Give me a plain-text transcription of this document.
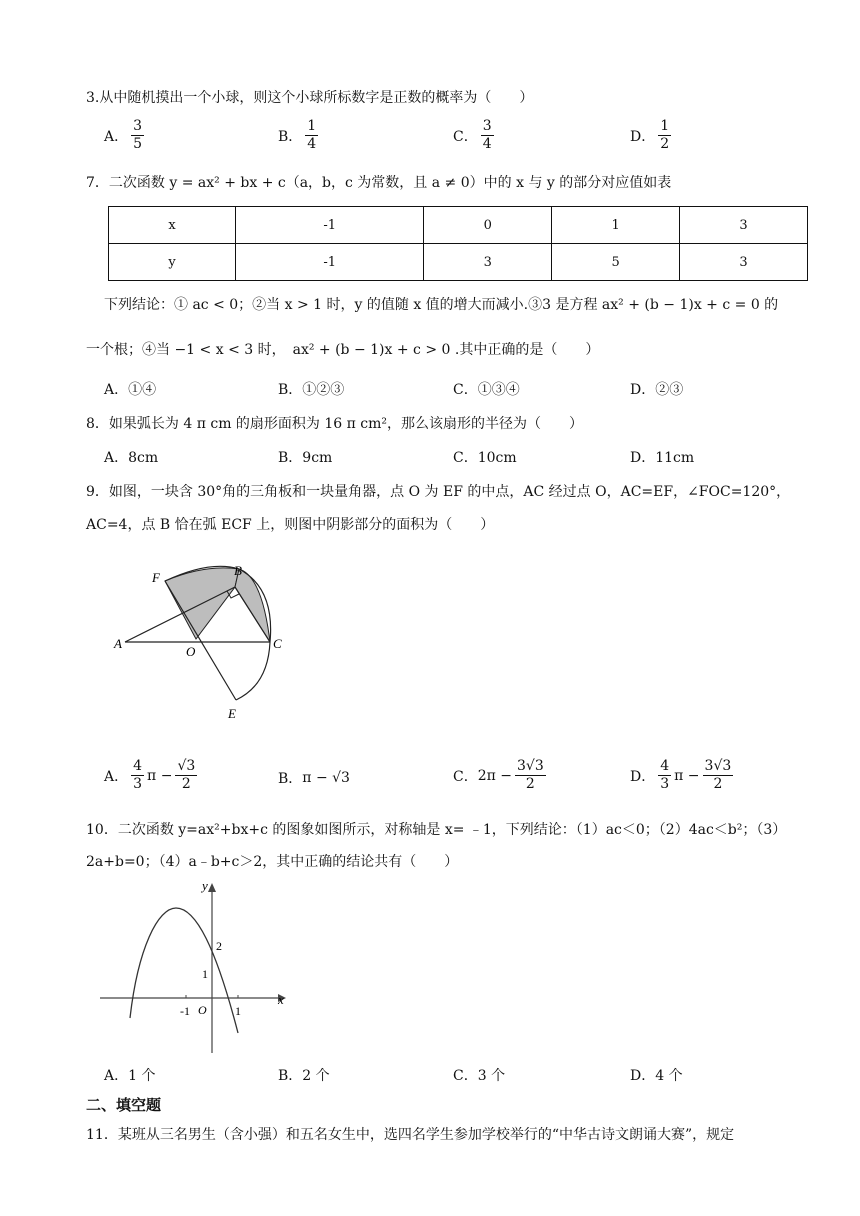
3.从中随机摸出一个小球，则这个小球所标数字是正数的概率为（　　）
A． $\frac{3}{5}$	B． $\frac{1}{4}$	C． $\frac{3}{4}$	D． $\frac{1}{2}$
7．二次函数 y = ax² + bx + c（a，b，c 为常数，且 a ≠ 0）中的 x 与 y 的部分对应值如表
x	-1	0	1	3
y	-1	3	5	3
下列结论：① ac < 0；②当 x > 1 时，y 的值随 x 值的增大而减小.③3 是方程 ax² + (b − 1)x + c = 0 的
一个根；④当 −1 < x < 3 时，　ax² + (b − 1)x + c > 0 .其中正确的是（　　）
A．①④	B．①②③	C．①③④	D．②③
8．如果弧长为 4 π cm 的扇形面积为 16 π cm²，那么该扇形的半径为（　　）
A．8cm	B．9cm	C．10cm	D．11cm
9．如图，一块含 30°角的三角板和一块量角器，点 O 为 EF 的中点，AC 经过点 O，AC=EF，∠FOC=120°，
AC=4，点 B 恰在弧 ECF 上，则图中阴影部分的面积为（　　）
F	B
A
O
C
E
A． $\frac{4}{3}$ $\pi - \frac{√3}{2}$	B． π − √3	C． $2\pi - \frac{3√3}{2}$	D． $\frac{4}{3}$ $\pi - \frac{3√3}{2}$
10．二次函数 y=ax²+bx+c 的图象如图所示，对称轴是 x= ﹣1，下列结论：（1）ac＜0；（2）4ac＜b²；（3）
2a+b=0；（4）a﹣b+c＞2，其中正确的结论共有（　　）
y
x
2
1
-1 O 1
A．1 个	B．2 个	C．3 个	D．4 个
二、填空题
11．某班从三名男生（含小强）和五名女生中，选四名学生参加学校举行的“中华古诗文朗诵大赛”，规定
